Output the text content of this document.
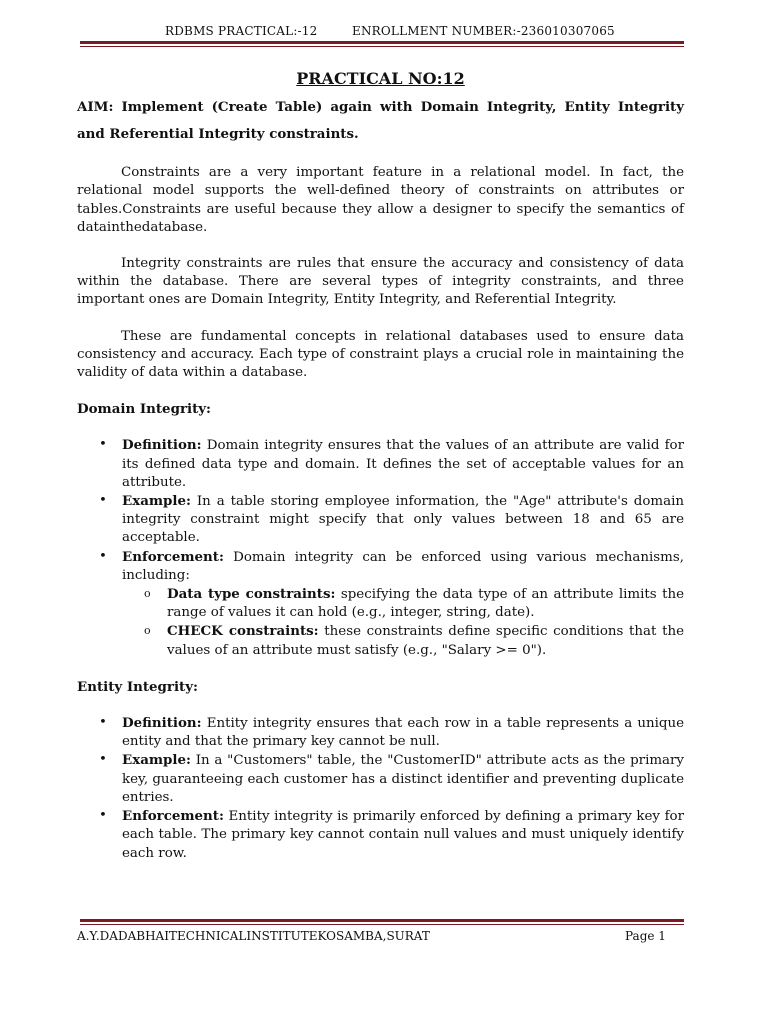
RDBMS PRACTICAL:-12	ENROLLMENT NUMBER:-236010307065
PRACTICAL NO:12
AIM: Implement (Create Table) again with Domain Integrity, Entity Integrity and Referential Integrity constraints.

Constraints are a very important feature in a relational model. In fact, the relational model supports the well-defined theory of constraints on attributes or tables.Constraints are useful because they allow a designer to specify the semantics of datainthedatabase.

Integrity constraints are rules that ensure the accuracy and consistency of data within the database. There are several types of integrity constraints, and three important ones are Domain Integrity, Entity Integrity, and Referential Integrity.

These are fundamental concepts in relational databases used to ensure data consistency and accuracy. Each type of constraint plays a crucial role in maintaining the validity of data within a database.

Domain Integrity:
• Definition: Domain integrity ensures that the values of an attribute are valid for its defined data type and domain. It defines the set of acceptable values for an attribute.
• Example: In a table storing employee information, the "Age" attribute's domain integrity constraint might specify that only values between 18 and 65 are acceptable.
• Enforcement: Domain integrity can be enforced using various mechanisms, including:
o Data type constraints: specifying the data type of an attribute limits the range of values it can hold (e.g., integer, string, date).
o CHECK constraints: these constraints define specific conditions that the values of an attribute must satisfy (e.g., "Salary >= 0").
Entity Integrity:
• Definition: Entity integrity ensures that each row in a table represents a unique entity and that the primary key cannot be null.
• Example: In a "Customers" table, the "CustomerID" attribute acts as the primary key, guaranteeing each customer has a distinct identifier and preventing duplicate entries.
• Enforcement: Entity integrity is primarily enforced by defining a primary key for each table. The primary key cannot contain null values and must uniquely identify each row.
A.Y.DADABHAITECHNICALINSTITUTEKOSAMBA,SURAT	Page 1
